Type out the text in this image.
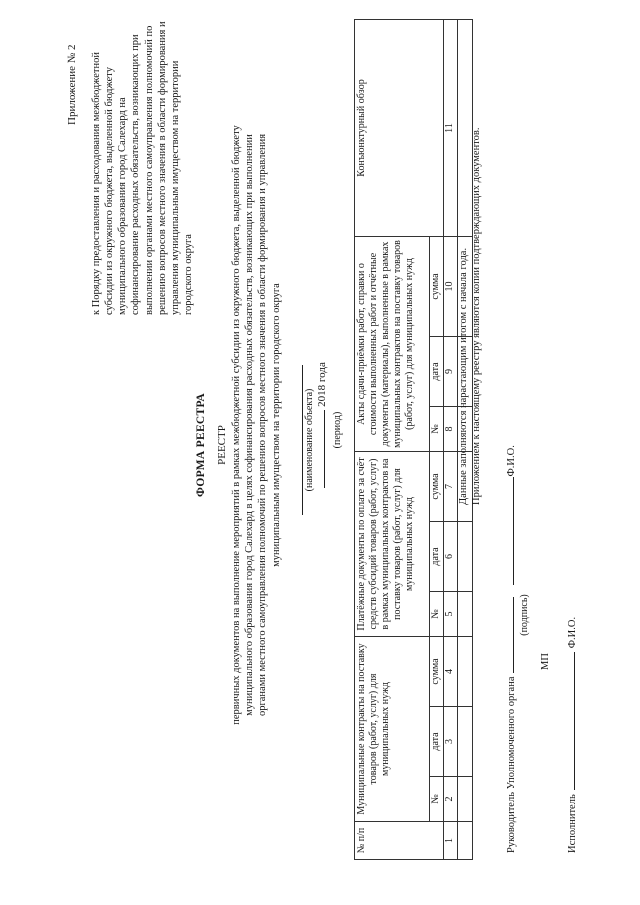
Приложение № 2 к Порядку предоставления и расходования межбюджетной субсидии из окружного бюджета, выделенной бюджету муниципального образования город Салехард на софинансирование расходных обязательств, возникающих при выполнении органами местного самоуправления полномочий по решению вопросов местного значения в области формирования и управления муниципальным имуществом на территории городского округа
ФОРМА РЕЕСТРА РЕЕСТР первичных документов на выполнение мероприятий в рамках межбюджетной субсидии из окружного бюджета, выделенной бюджету муниципального образования город Салехард в целях софинансирования расходных обязательств, возникающих при выполнении органами местного самоуправления полномочий по решению вопросов местного значения в области формирования и управления муниципальным имуществом на территории городского округа (наименование объекта)
2018 года
(период)
№ п/п	Муниципальные контракты на поставку товаров (работ, услуг) для муниципальных нужд			Платёжные документы по оплате за счёт средств субсидий товаров (работ, услуг) в рамках муниципальных контрактов на поставку товаров (работ, услуг) для муниципальных нужд			Акты сдачи-приёмки работ, справки о стоимости выполненных работ и отчётные документы (материалы), выполненные в рамках муниципальных контрактов на поставку товаров (работ, услуг) для муниципальных нужд			Конъюнктурный обзор
	№	дата	сумма	№	дата	сумма	№	дата	сумма	
1	2	3	4	5	6	7	8	9	10	11

Данные заполняются нарастающим итогом с начала года. Приложением к настоящему реестру являются копии подтверждающих документов.
Руководитель Уполномоченного органаФ.И.О.
(подпись)
МП
ИсполнительФ.И.О.
